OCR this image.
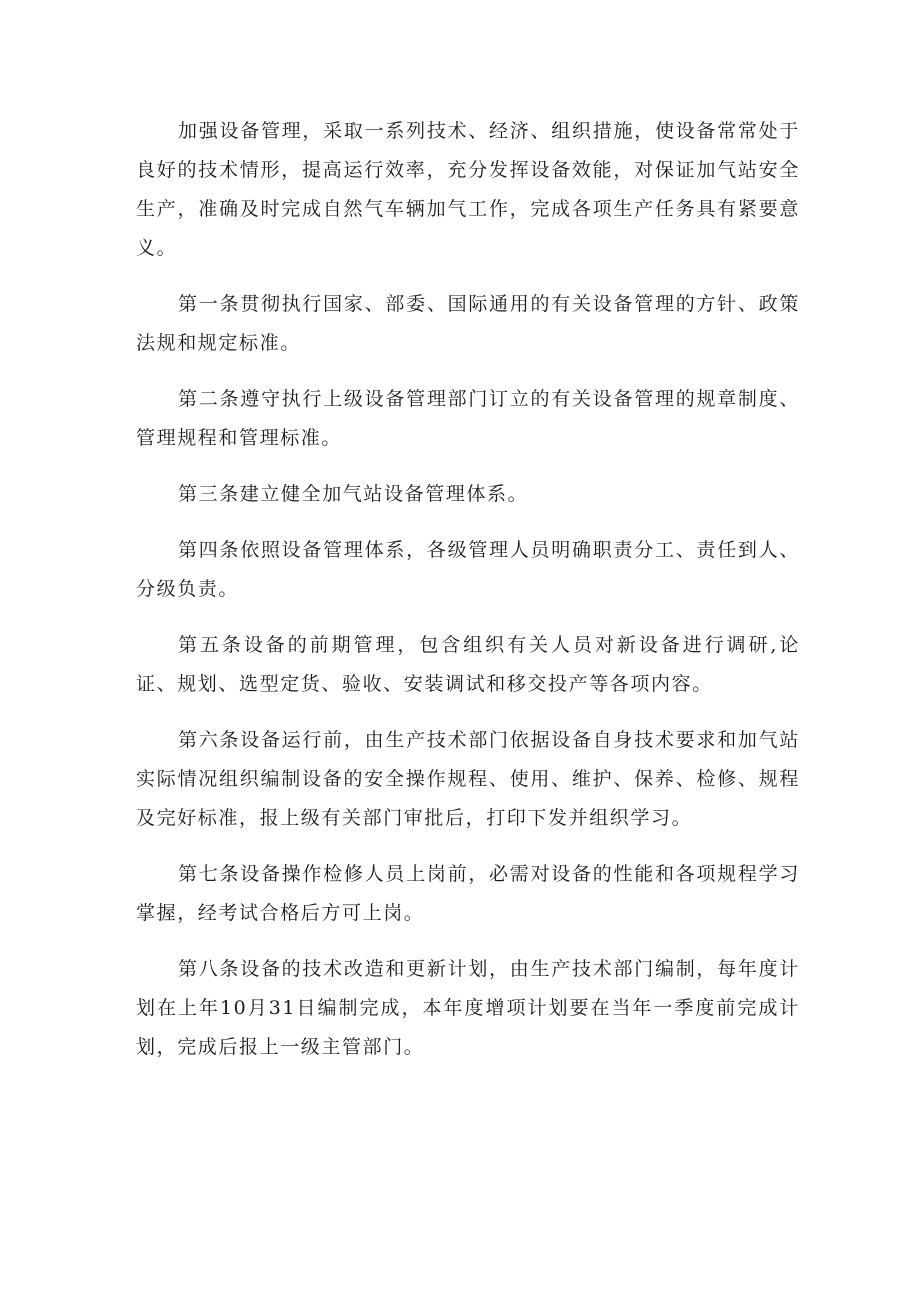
加强设备管理，采取一系列技术、经济、组织措施，使设备常常处于良好的技术情形，提高运行效率，充分发挥设备效能，对保证加气站安全生产，准确及时完成自然气车辆加气工作，完成各项生产任务具有紧要意义。

第一条贯彻执行国家、部委、国际通用的有关设备管理的方针、政策法规和规定标准。

第二条遵守执行上级设备管理部门订立的有关设备管理的规章制度、管理规程和管理标准。

第三条建立健全加气站设备管理体系。

第四条依照设备管理体系，各级管理人员明确职责分工、责任到人、分级负责。

第五条设备的前期管理，包含组织有关人员对新设备进行调研,论证、规划、选型定货、验收、安装调试和移交投产等各项内容。

第六条设备运行前，由生产技术部门依据设备自身技术要求和加气站实际情况组织编制设备的安全操作规程、使用、维护、保养、检修、规程及完好标准，报上级有关部门审批后，打印下发并组织学习。

第七条设备操作检修人员上岗前，必需对设备的性能和各项规程学习掌握，经考试合格后方可上岗。

第八条设备的技术改造和更新计划，由生产技术部门编制，每年度计划在上年10月31日编制完成，本年度增项计划要在当年一季度前完成计划，完成后报上一级主管部门。
